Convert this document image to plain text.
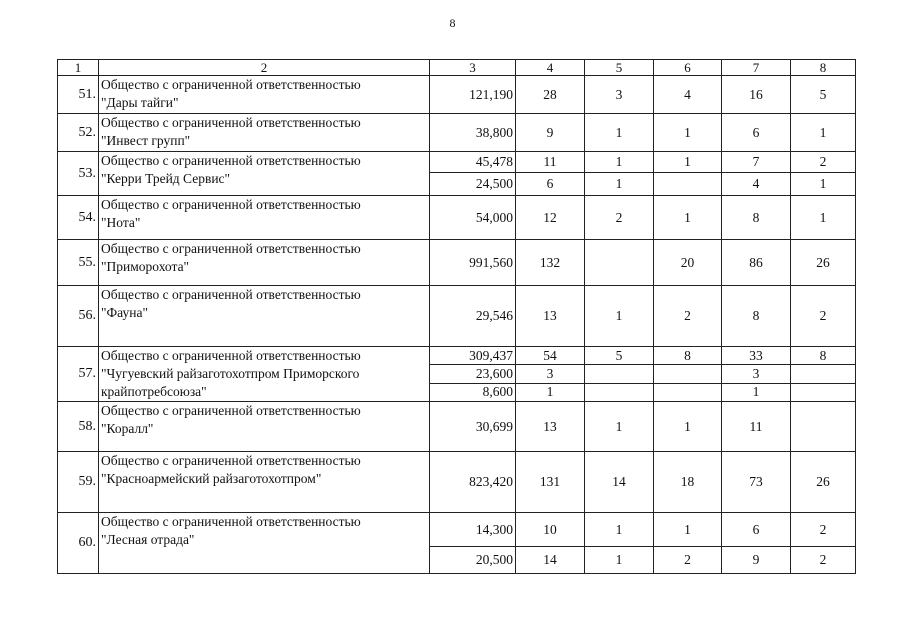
8
1	2	3	4	5	6	7	8
51.	Общество с ограниченной ответственностью
"Дары тайги"	121,190	28	3	4	16	5
52.	Общество с ограниченной ответственностью
"Инвест групп"	38,800	9	1	1	6	1
53.	Общество с ограниченной ответственностью
"Керри Трейд Сервис"	45,478	11	1	1	7	2
		24,500	6	1		4	1
54.	Общество с ограниченной ответственностью
"Нота"	54,000	12	2	1	8	1
55.	Общество с ограниченной ответственностью
"Приморохота"	991,560	132		20	86	26
56.	Общество с ограниченной ответственностью
"Фауна"	29,546	13	1	2	8	2
57.	Общество с ограниченной ответственностью
"Чугуевский райзаготохотпром Приморского
крайпотребсоюза"	309,437	54	5	8	33	8
		23,600	3			3	
		8,600	1			1	
58.	Общество с ограниченной ответственностью
"Коралл"	30,699	13	1	1	11	
59.	Общество с ограниченной ответственностью
"Красноармейский райзаготохотпром"	823,420	131	14	18	73	26
60.	Общество с ограниченной ответственностью
"Лесная отрада"	14,300	10	1	1	6	2
		20,500	14	1	2	9	2
